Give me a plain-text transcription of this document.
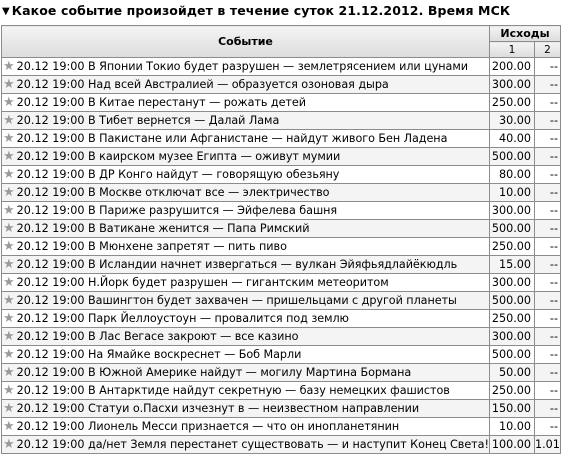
▼ Какое событие произойдет в течение суток 21.12.2012. Время МСК
Событие	Исходы	
	1	2
★ 20.12 19:00 В Японии Токио будет разрушен — землетрясением или цунами	200.00	--
★ 20.12 19:00 Над всей Австралией — образуется озоновая дыра	300.00	--
★ 20.12 19:00 В Китае перестанут — рожать детей	250.00	--
★ 20.12 19:00 В Тибет вернется — Далай Лама	30.00	--
★ 20.12 19:00 В Пакистане или Афганистане — найдут живого Бен Ладена	40.00	--
★ 20.12 19:00 В каирском музее Египта — оживут мумии	500.00	--
★ 20.12 19:00 В ДР Конго найдут — говорящую обезьяну	80.00	--
★ 20.12 19:00 В Москве отключат все — электричество	10.00	--
★ 20.12 19:00 В Париже разрушится — Эйфелева башня	300.00	--
★ 20.12 19:00 В Ватикане женится — Папа Римский	500.00	--
★ 20.12 19:00 В Мюнхене запретят — пить пиво	250.00	--
★ 20.12 19:00 В Исландии начнет извергаться — вулкан Эйяфьядлайёкюдль	15.00	--
★ 20.12 19:00 Н.Йорк будет разрушен — гигантским метеоритом	300.00	--
★ 20.12 19:00 Вашингтон будет захвачен — пришельцами с другой планеты	500.00	--
★ 20.12 19:00 Парк Йеллоустоун — провалится под землю	250.00	--
★ 20.12 19:00 В Лас Вегасе закроют — все казино	300.00	--
★ 20.12 19:00 На Ямайке воскреснет — Боб Марли	500.00	--
★ 20.12 19:00 В Южной Америке найдут — могилу Мартина Бормана	50.00	--
★ 20.12 19:00 В Антарктиде найдут секретную — базу немецких фашистов	250.00	--
★ 20.12 19:00 Статуи о.Пасхи изчезнут в — неизвестном направлении	150.00	--
★ 20.12 19:00 Лионель Месси признается — что он инопланетянин	10.00	--
★ 20.12 19:00 да/нет Земля перестанет существовать — и наступит Конец Света!	100.00	1.01
